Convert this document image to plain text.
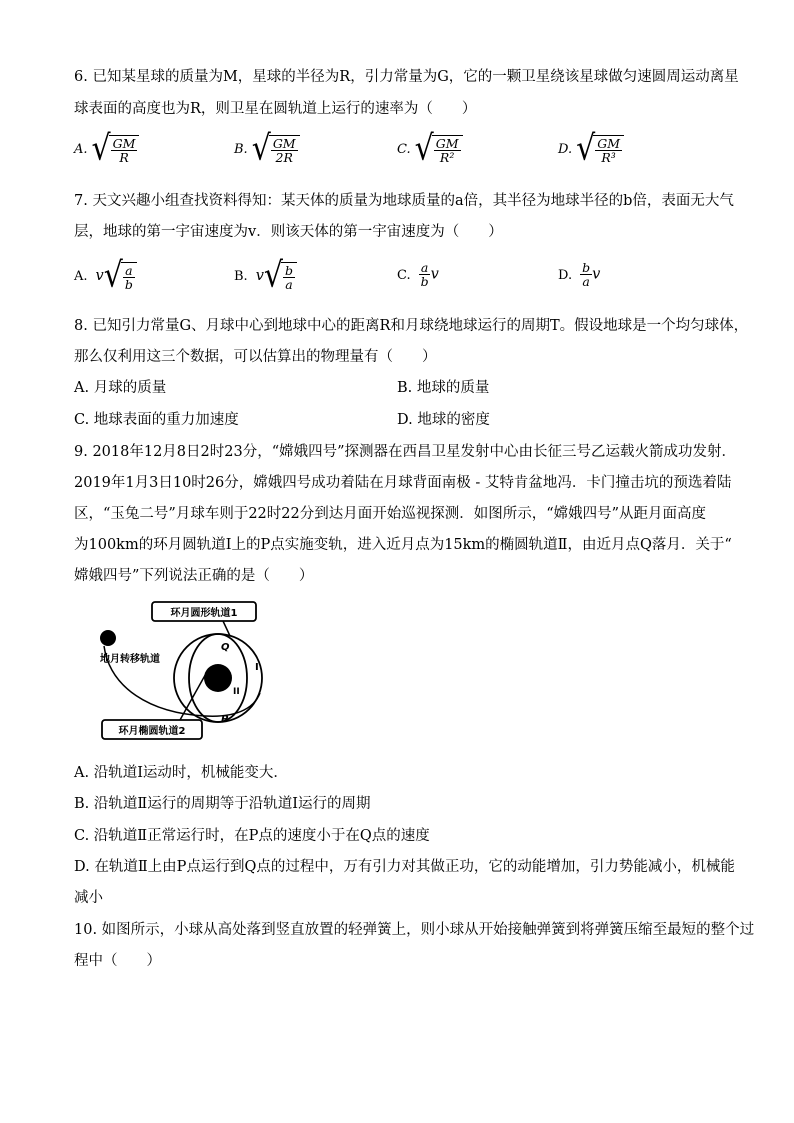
6. 已知某星球的质量为M，星球的半径为R，引力常量为G，它的一颗卫星绕该星球做匀速圆周运动离星
球表面的高度也为R，则卫星在圆轨道上运行的速率为（　　）
A. √ $\frac{GM}{R}$	B. √ $\frac{GM}{2R}$	C. √ $\frac{GM}{\text{R²}}$	D. √ $\frac{GM}{\text{R³}}$
7. 天文兴趣小组查找资料得知：某天体的质量为地球质量的a倍，其半径为地球半径的b倍，表面无大气
层，地球的第一宇宙速度为v．则该天体的第一宇宙速度为（　　）
A. v √ $\frac{a}{b}$	B. v √ $\frac{b}{a}$	C. $\frac{a}{b}$ v	D. $\frac{b}{a}$ v
8. 已知引力常量G、月球中心到地球中心的距离R和月球绕地球运行的周期T。假设地球是一个均匀球体，
那么仅利用这三个数据，可以估算出的物理量有（　　）
A. 月球的质量	B. 地球的质量
C. 地球表面的重力加速度	D. 地球的密度
9. 2018年12月8日2时23分，“嫦娥四号”探测器在西昌卫星发射中心由长征三号乙运载火箭成功发射．
2019年1月3日10时26分，嫦娥四号成功着陆在月球背面南极 - 艾特肯盆地冯．卡门撞击坑的预选着陆
区，“玉兔二号”月球车则于22时22分到达月面开始巡视探测．如图所示，“嫦娥四号”从距月面高度
为100km的环月圆轨道Ⅰ上的P点实施变轨，进入近月点为15km的椭圆轨道Ⅱ，由近月点Q落月．关于“
嫦娥四号”下列说法正确的是（　　）
环月圆形轨道1
地月转移轨道
环月椭圆轨道2
Q
P
I
II
A. 沿轨道Ⅰ运动时，机械能变大．
B. 沿轨道Ⅱ运行的周期等于沿轨道Ⅰ运行的周期
C. 沿轨道Ⅱ正常运行时，在P点的速度小于在Q点的速度
D. 在轨道Ⅱ上由P点运行到Q点的过程中，万有引力对其做正功，它的动能增加，引力势能减小，机械能
减小
10. 如图所示，小球从高处落到竖直放置的轻弹簧上，则小球从开始接触弹簧到将弹簧压缩至最短的整个过
程中（　　）
